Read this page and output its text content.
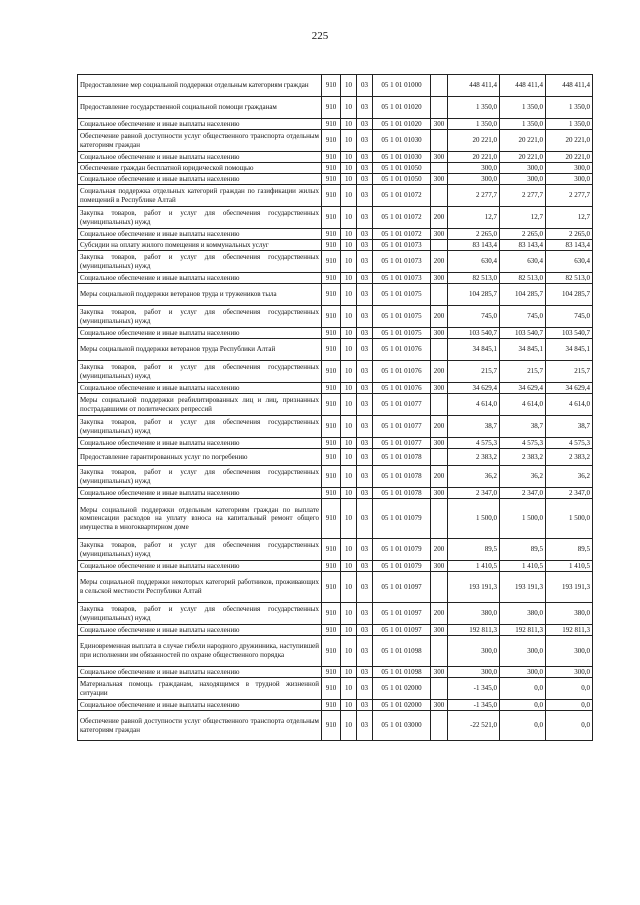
225
Предоставление мер социальной поддержки отдельным категориям граждан	910	10	03	05 1 01 01000		448 411,4	448 411,4	448 411,4
Предоставление государственной социальной помощи гражданам	910	10	03	05 1 01 01020		1 350,0	1 350,0	1 350,0
Социальное обеспечение и иные выплаты населению	910	10	03	05 1 01 01020	300	1 350,0	1 350,0	1 350,0
Обеспечение равной доступности услуг общественного транспорта отдельным категориям граждан	910	10	03	05 1 01 01030		20 221,0	20 221,0	20 221,0
Социальное обеспечение и иные выплаты населению	910	10	03	05 1 01 01030	300	20 221,0	20 221,0	20 221,0
Обеспечение граждан бесплатной юридической помощью	910	10	03	05 1 01 01050		300,0	300,0	300,0
Социальное обеспечение и иные выплаты населению	910	10	03	05 1 01 01050	300	300,0	300,0	300,0
Социальная поддержка отдельных категорий граждан по газификации жилых помещений в Республике Алтай	910	10	03	05 1 01 01072		2 277,7	2 277,7	2 277,7
Закупка товаров, работ и услуг для обеспечения государственных (муниципальных) нужд	910	10	03	05 1 01 01072	200	12,7	12,7	12,7
Социальное обеспечение и иные выплаты населению	910	10	03	05 1 01 01072	300	2 265,0	2 265,0	2 265,0
Субсидии на оплату жилого помещения и коммунальных услуг	910	10	03	05 1 01 01073		83 143,4	83 143,4	83 143,4
Закупка товаров, работ и услуг для обеспечения государственных (муниципальных) нужд	910	10	03	05 1 01 01073	200	630,4	630,4	630,4
Социальное обеспечение и иные выплаты населению	910	10	03	05 1 01 01073	300	82 513,0	82 513,0	82 513,0
Меры социальной поддержки ветеранов труда и тружеников тыла	910	10	03	05 1 01 01075		104 285,7	104 285,7	104 285,7
Закупка товаров, работ и услуг для обеспечения государственных (муниципальных) нужд	910	10	03	05 1 01 01075	200	745,0	745,0	745,0
Социальное обеспечение и иные выплаты населению	910	10	03	05 1 01 01075	300	103 540,7	103 540,7	103 540,7
Меры социальной поддержки ветеранов труда Республики Алтай	910	10	03	05 1 01 01076		34 845,1	34 845,1	34 845,1
Закупка товаров, работ и услуг для обеспечения государственных (муниципальных) нужд	910	10	03	05 1 01 01076	200	215,7	215,7	215,7
Социальное обеспечение и иные выплаты населению	910	10	03	05 1 01 01076	300	34 629,4	34 629,4	34 629,4
Меры социальной поддержки реабилитированных лиц и лиц, признанных пострадавшими от политических репрессий	910	10	03	05 1 01 01077		4 614,0	4 614,0	4 614,0
Закупка товаров, работ и услуг для обеспечения государственных (муниципальных) нужд	910	10	03	05 1 01 01077	200	38,7	38,7	38,7
Социальное обеспечение и иные выплаты населению	910	10	03	05 1 01 01077	300	4 575,3	4 575,3	4 575,3
Предоставление гарантированных услуг по погребению	910	10	03	05 1 01 01078		2 383,2	2 383,2	2 383,2
Закупка товаров, работ и услуг для обеспечения государственных (муниципальных) нужд	910	10	03	05 1 01 01078	200	36,2	36,2	36,2
Социальное обеспечение и иные выплаты населению	910	10	03	05 1 01 01078	300	2 347,0	2 347,0	2 347,0
Меры социальной поддержки отдельным категориям граждан по выплате компенсации расходов на уплату взноса на капитальный ремонт общего имущества в многоквартирном доме	910	10	03	05 1 01 01079		1 500,0	1 500,0	1 500,0
Закупка товаров, работ и услуг для обеспечения государственных (муниципальных) нужд	910	10	03	05 1 01 01079	200	89,5	89,5	89,5
Социальное обеспечение и иные выплаты населению	910	10	03	05 1 01 01079	300	1 410,5	1 410,5	1 410,5
Меры социальной поддержки некоторых категорий работников, проживающих в сельской местности Республики Алтай	910	10	03	05 1 01 01097		193 191,3	193 191,3	193 191,3
Закупка товаров, работ и услуг для обеспечения государственных (муниципальных) нужд	910	10	03	05 1 01 01097	200	380,0	380,0	380,0
Социальное обеспечение и иные выплаты населению	910	10	03	05 1 01 01097	300	192 811,3	192 811,3	192 811,3
Единовременная выплата в случае гибели народного дружинника, наступившей при исполнении им обязанностей по охране общественного порядка	910	10	03	05 1 01 01098		300,0	300,0	300,0
Социальное обеспечение и иные выплаты населению	910	10	03	05 1 01 01098	300	300,0	300,0	300,0
Материальная помощь гражданам, находящимся в трудной жизненной ситуации	910	10	03	05 1 01 02000		-1 345,0	0,0	0,0
Социальное обеспечение и иные выплаты населению	910	10	03	05 1 01 02000	300	-1 345,0	0,0	0,0
Обеспечение равной доступности услуг общественного транспорта отдельным категориям граждан	910	10	03	05 1 01 03000		-22 521,0	0,0	0,0
